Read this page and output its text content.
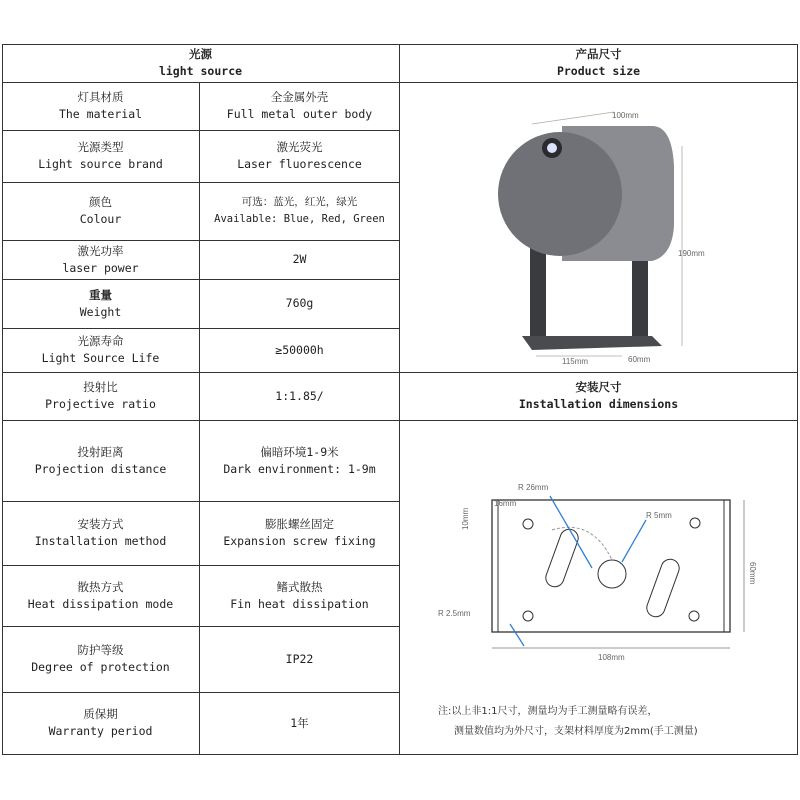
光源
light source
产品尺寸
Product size
灯具材质
The material
全金属外壳
Full metal outer body
光源类型
Light source brand
激光荧光
Laser fluorescence
颜色
Colour
可选：蓝光，红光，绿光
Available: Blue, Red, Green
激光功率
laser power
2W
重量
Weight
760g
光源寿命
Light Source Life
≥50000h
投射比
Projective ratio
1:1.85/
投射距离
Projection distance
偏暗环境1-9米
Dark environment: 1-9m
安装方式
Installation method
膨胀螺丝固定
Expansion screw fixing
散热方式
Heat dissipation mode
鳍式散热
Fin heat dissipation
防护等级
Degree of protection
IP22
质保期
Warranty period
1年
安装尺寸
Installation dimensions
100mm
190mm
115mm	60mm
R 26mm
R 5mm
16mm
10mm
R 2.5mm
60mm
108mm
注:以上非1:1尺寸，测量均为手工测量略有误差，
测量数值均为外尺寸，支架材料厚度为2mm(手工测量)
